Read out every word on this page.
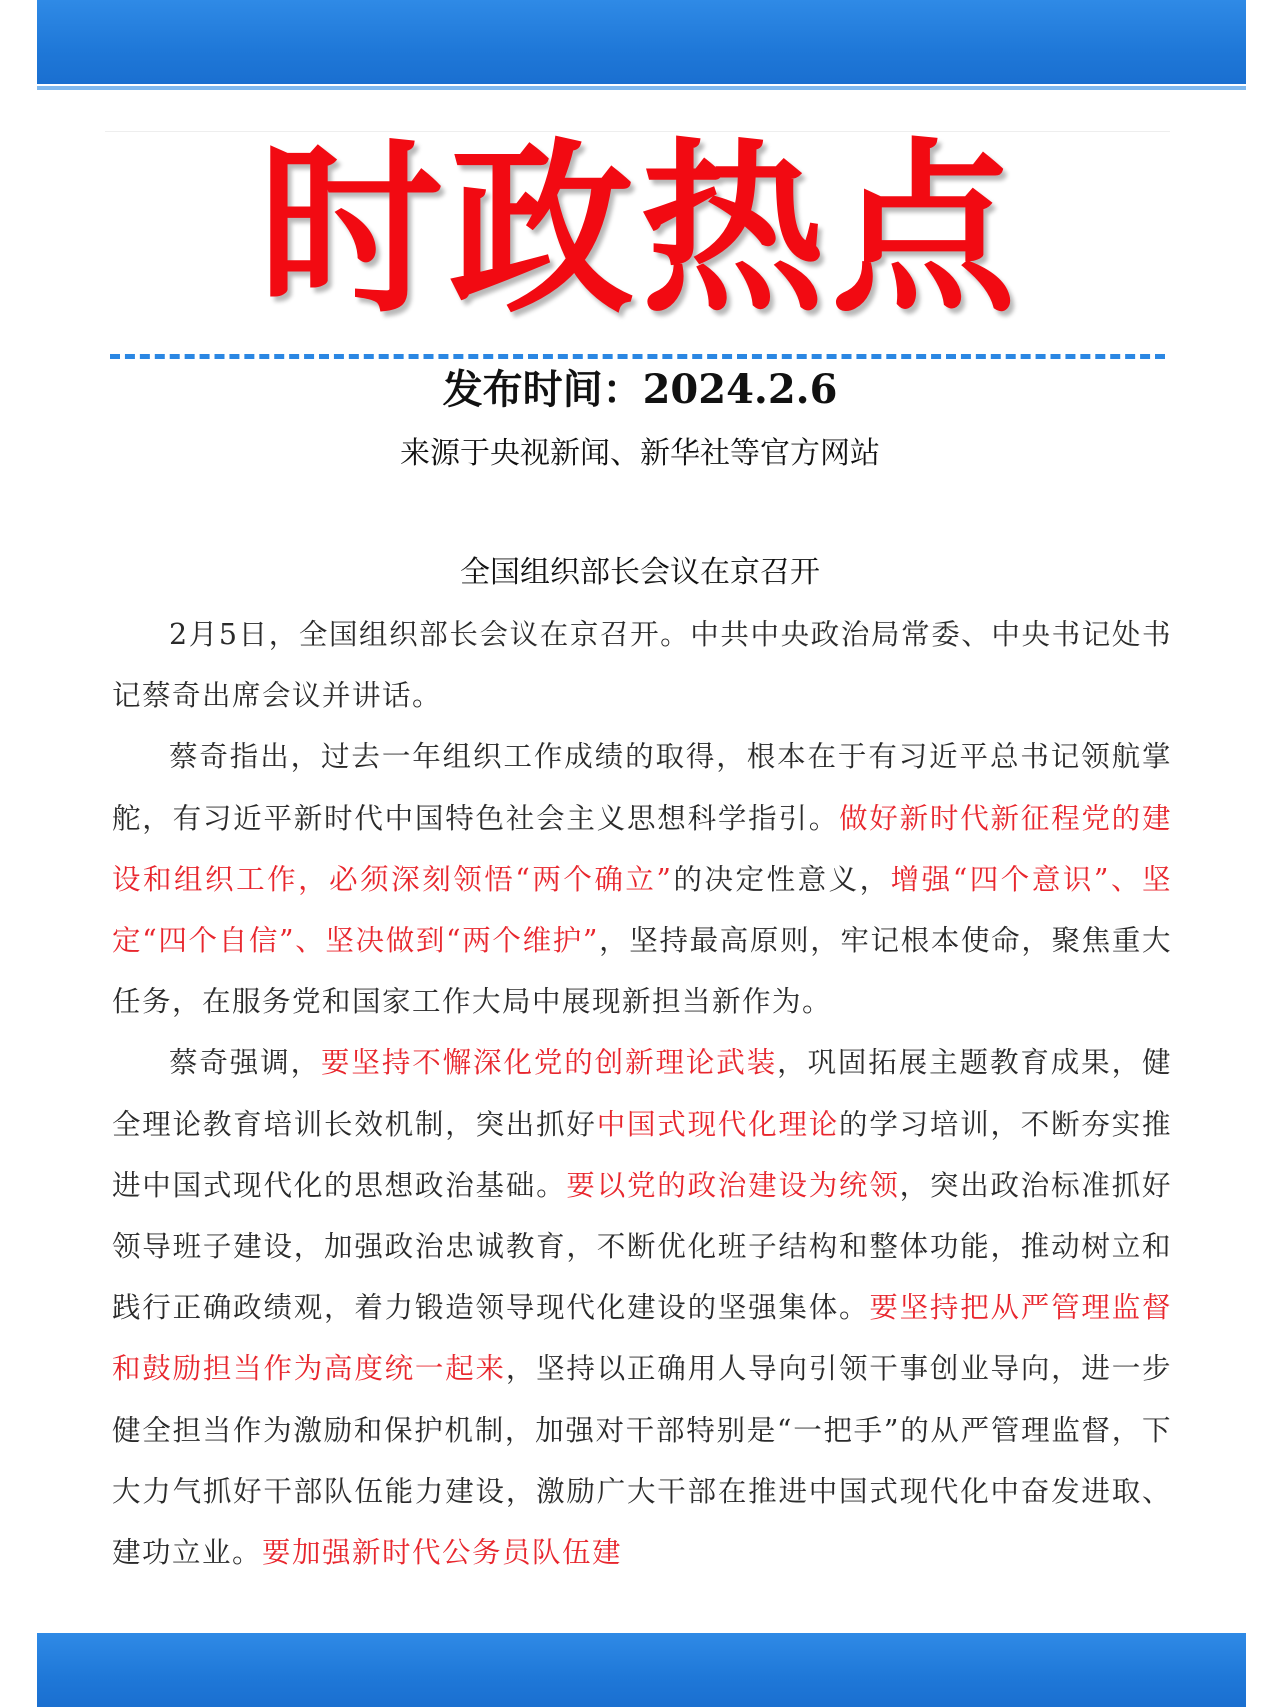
时政热点
发布时间：2024.2.6
来源于央视新闻、新华社等官方网站
全国组织部长会议在京召开

2月5日，全国组织部长会议在京召开。中共中央政治局常委、中央书记处书记蔡奇出席会议并讲话。

蔡奇指出，过去一年组织工作成绩的取得，根本在于有习近平总书记领航掌舵，有习近平新时代中国特色社会主义思想科学指引。做好新时代新征程党的建设和组织工作，必须深刻领悟“两个确立”的决定性意义，增强“四个意识”、坚定“四个自信”、坚决做到“两个维护”，坚持最高原则，牢记根本使命，聚焦重大任务，在服务党和国家工作大局中展现新担当新作为。

蔡奇强调，要坚持不懈深化党的创新理论武装，巩固拓展主题教育成果，健全理论教育培训长效机制，突出抓好中国式现代化理论的学习培训，不断夯实推进中国式现代化的思想政治基础。要以党的政治建设为统领，突出政治标准抓好领导班子建设，加强政治忠诚教育，不断优化班子结构和整体功能，推动树立和践行正确政绩观，着力锻造领导现代化建设的坚强集体。要坚持把从严管理监督和鼓励担当作为高度统一起来，坚持以正确用人导向引领干事创业导向，进一步健全担当作为激励和保护机制，加强对干部特别是“一把手”的从严管理监督，下大力气抓好干部队伍能力建设，激励广大干部在推进中国式现代化中奋发进取、建功立业。要加强新时代公务员队伍建
